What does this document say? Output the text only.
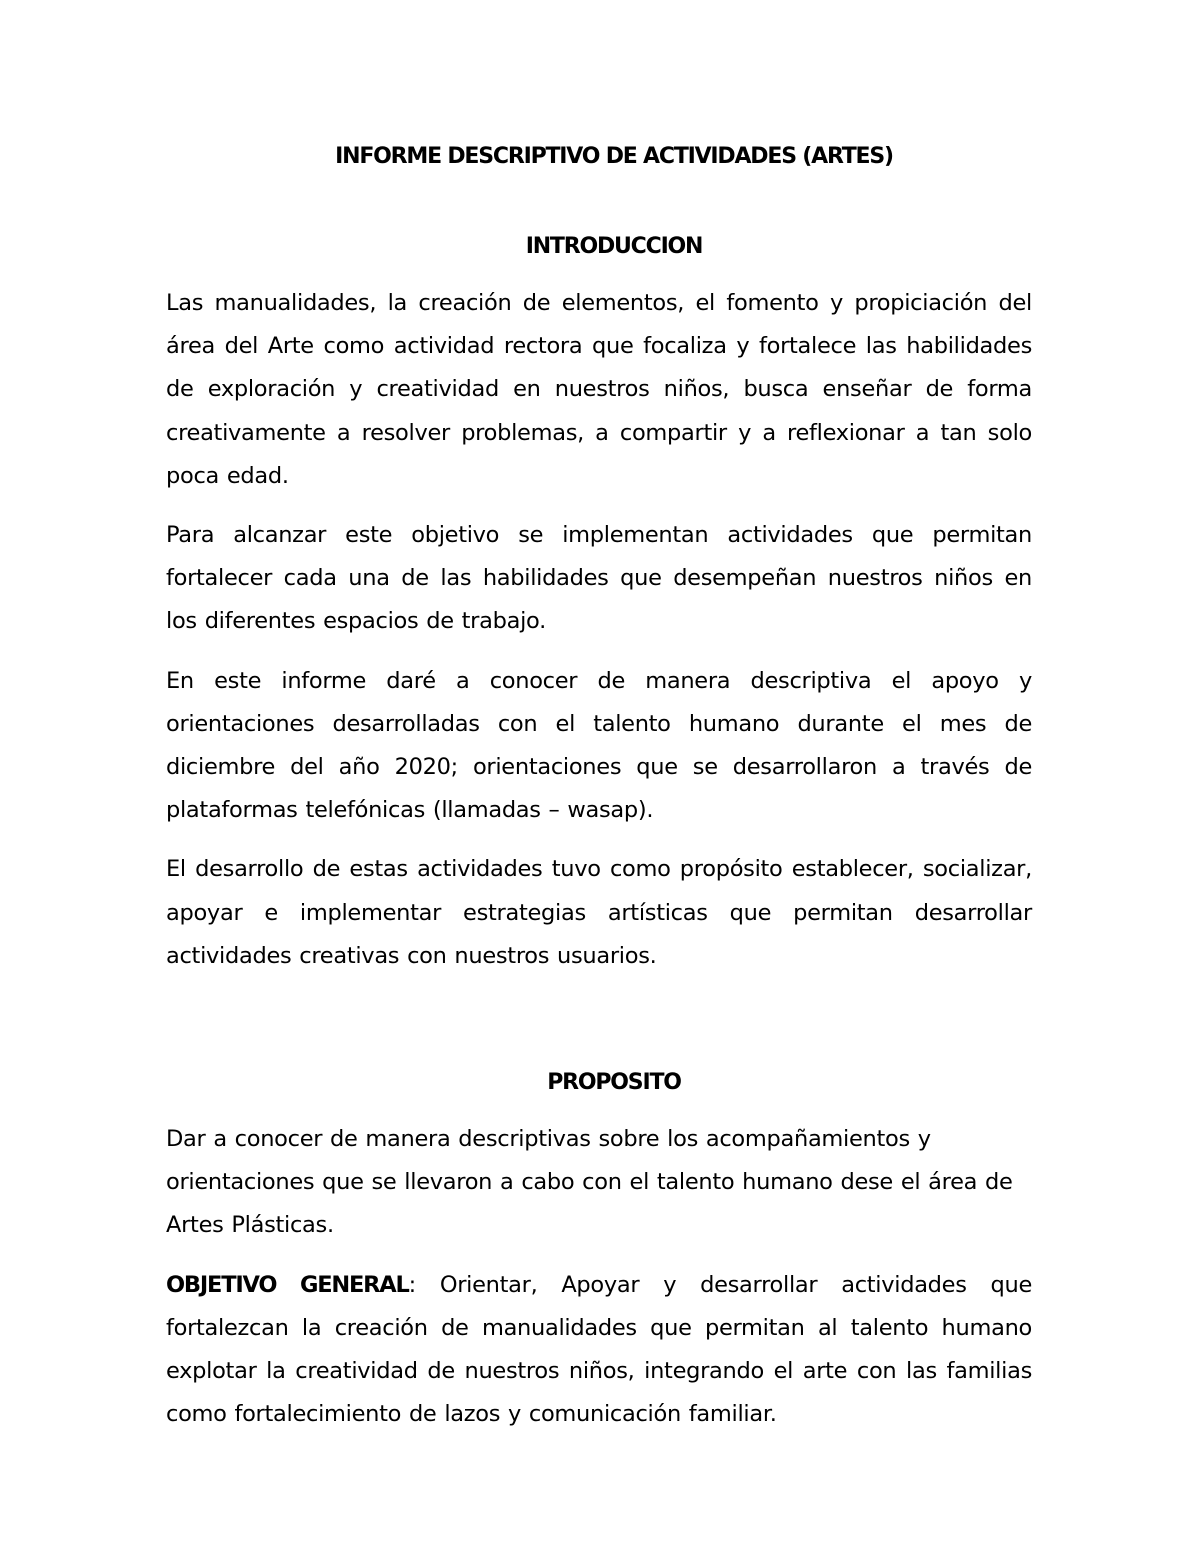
INFORME DESCRIPTIVO DE ACTIVIDADES (ARTES)
INTRODUCCION

Las manualidades, la creación de elementos, el fomento y propiciación del área del Arte como actividad rectora que focaliza y fortalece las habilidades de exploración y creatividad en nuestros niños, busca enseñar de forma creativamente a resolver problemas, a compartir y a reflexionar a tan solo poca edad.

Para alcanzar este objetivo se implementan actividades que permitan fortalecer cada una de las habilidades que desempeñan nuestros niños en los diferentes espacios de trabajo.

En este informe daré a conocer de manera descriptiva el apoyo y orientaciones desarrolladas con el talento humano durante el mes de diciembre del año 2020; orientaciones que se desarrollaron a través de plataformas telefónicas (llamadas – wasap).

El desarrollo de estas actividades tuvo como propósito establecer, socializar, apoyar e implementar estrategias artísticas que permitan desarrollar actividades creativas con nuestros usuarios.

PROPOSITO

Dar a conocer de manera descriptivas sobre los acompañamientos y orientaciones que se llevaron a cabo con el talento humano dese el área de Artes Plásticas.

OBJETIVO GENERAL: Orientar, Apoyar y desarrollar actividades que fortalezcan la creación de manualidades que permitan al talento humano explotar la creatividad de nuestros niños, integrando el arte con las familias como fortalecimiento de lazos y comunicación familiar.
